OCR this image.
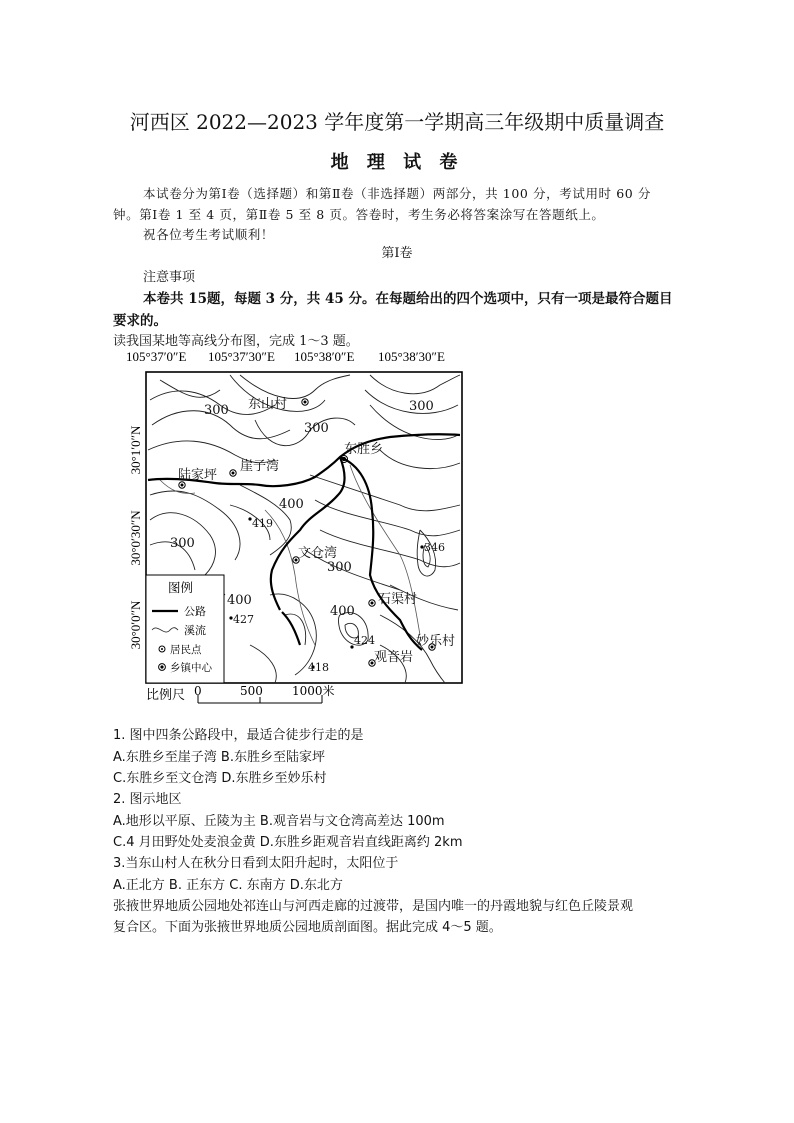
河西区 2022—2023 学年度第一学期高三年级期中质量调查
地 理 试 卷
本试卷分为第Ⅰ卷（选择题）和第Ⅱ卷（非选择题）两部分，共 100 分，考试用时 60 分
钟。第Ⅰ卷 1 至 4 页，第Ⅱ卷 5 至 8 页。答卷时，考生务必将答案涂写在答题纸上。
祝各位考生考试顺利！
第Ⅰ卷
注意事项
本卷共 15题，每题 3 分，共 45 分。在每题给出的四个选项中，只有一项是最符合题目
要求的。
读我国某地等高线分布图，完成 1～3 题。
105°37′0″E 105°37′30″E 105°38′0″E 105°38′30″E
30°1′0″N
30°0′30″N
30°0′0″N
东山村
东胜乡
崖子湾
陆家坪
文仓湾
石渠村
妙乐村
观音岩
300
300
300
300
300
400
400
400
419
346
427
424
418
图例
公路
溪流
居民点
乡镇中心
比例尺 0	500 1000米
1. 图中四条公路段中，最适合徒步行走的是
A.东胜乡至崖子湾 B.东胜乡至陆家坪
C.东胜乡至文仓湾 D.东胜乡至妙乐村
2. 图示地区
A.地形以平原、丘陵为主 B.观音岩与文仓湾高差达 100m
C.4 月田野处处麦浪金黄 D.东胜乡距观音岩直线距离约 2km
3.当东山村人在秋分日看到太阳升起时，太阳位于
A.正北方 B. 正东方 C. 东南方 D.东北方
张掖世界地质公园地处祁连山与河西走廊的过渡带，是国内唯一的丹霞地貌与红色丘陵景观
复合区。下面为张掖世界地质公园地质剖面图。据此完成 4～5 题。
